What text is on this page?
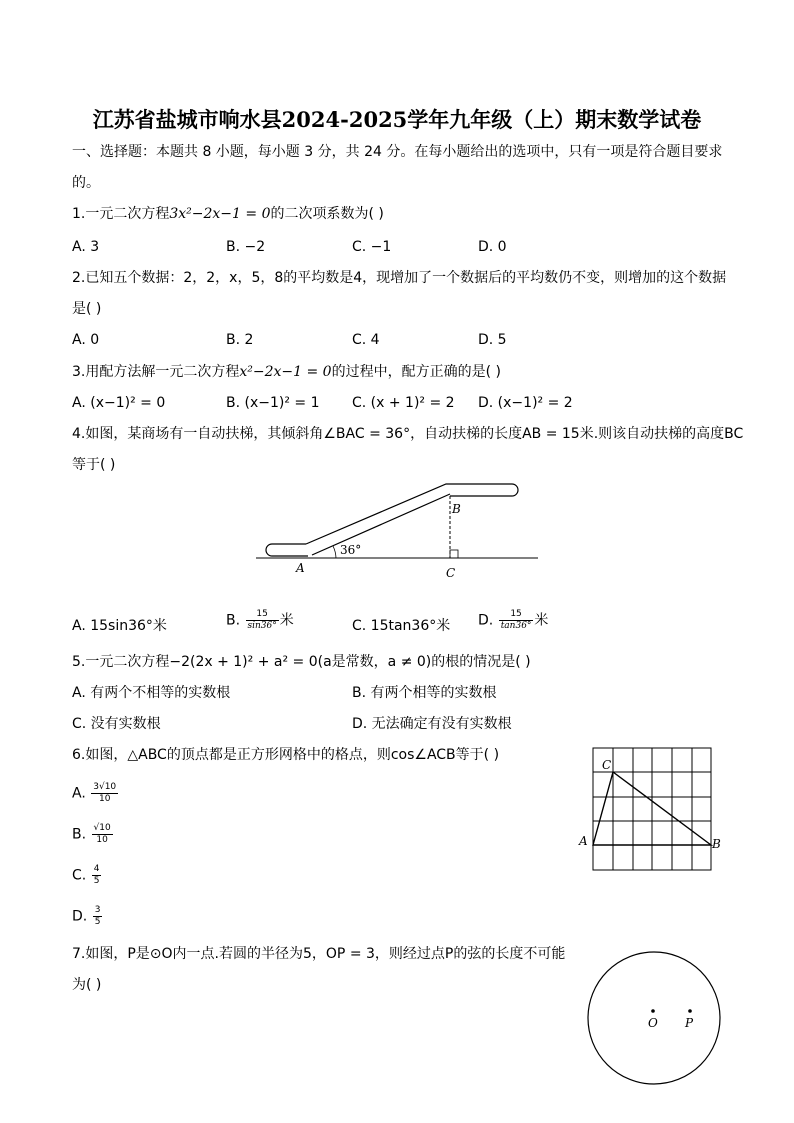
江苏省盐城市响水县2024-2025学年九年级（上）期末数学试卷
一、选择题：本题共 8 小题，每小题 3 分，共 24 分。在每小题给出的选项中，只有一项是符合题目要求
的。
1.一元二次方程3x²−2x−1 = 0的二次项系数为( )
A. 3	B. −2	C. −1	D. 0
2.已知五个数据：2，2，x，5，8的平均数是4，现增加了一个数据后的平均数仍不变，则增加的这个数据
是( )
A. 0	B. 2	C. 4	D. 5
3.用配方法解一元二次方程x²−2x−1 = 0的过程中，配方正确的是( )
A. (x−1)² = 0	B. (x−1)² = 1 C. (x + 1)² = 2 D. (x−1)² = 2
4.如图，某商场有一自动扶梯，其倾斜角∠BAC = 36°，自动扶梯的长度AB = 15米.则该自动扶梯的高度BC
等于( )
36°
A
B
C
A. 15sin36°米	B. $\frac{15}{\sin 36^\circ}$ 米	C. 15tan36°米 D. $\frac{15}{\tan 36^\circ}$ 米
5.一元二次方程−2(2x + 1)² + a² = 0(a是常数，a ≠ 0)的根的情况是( )
A. 有两个不相等的实数根	B. 有两个相等的实数根
C. 没有实数根	D. 无法确定有没有实数根
6.如图，△ABC的顶点都是正方形网格中的格点，则cos∠ACB等于( )
C
A	B
A. $\frac{3√10}{10}$
B. $\frac{√10}{10}$
C. $\frac{4}{5}$
D. $\frac{3}{5}$
7.如图，P是⊙O内一点.若圆的半径为5，OP = 3，则经过点P的弦的长度不可能
为( )
O P
